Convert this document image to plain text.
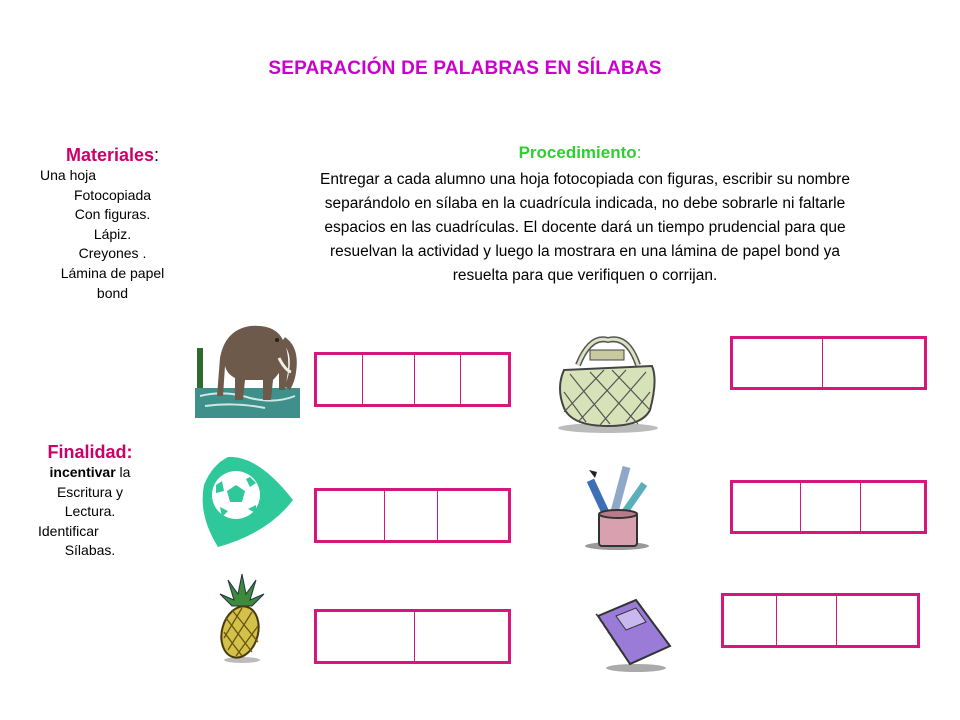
SEPARACIÓN DE PALABRAS EN SÍLABAS
Materiales:
Una hoja
Fotocopiada
Con figuras.
Lápiz.
Creyones .
Lámina de papel
bond
Finalidad:
incentivar la
Escritura y
Lectura.
Identificar
Sílabas.
Procedimiento:
Entregar a cada alumno una hoja fotocopiada con figuras, escribir su nombre
separándolo en sílaba en la cuadrícula indicada, no debe sobrarle ni faltarle
espacios en las cuadrículas. El docente dará un tiempo prudencial para que
resuelvan la actividad y luego la mostrara en una lámina de papel bond ya
resuelta para que verifiquen o corrijan.
